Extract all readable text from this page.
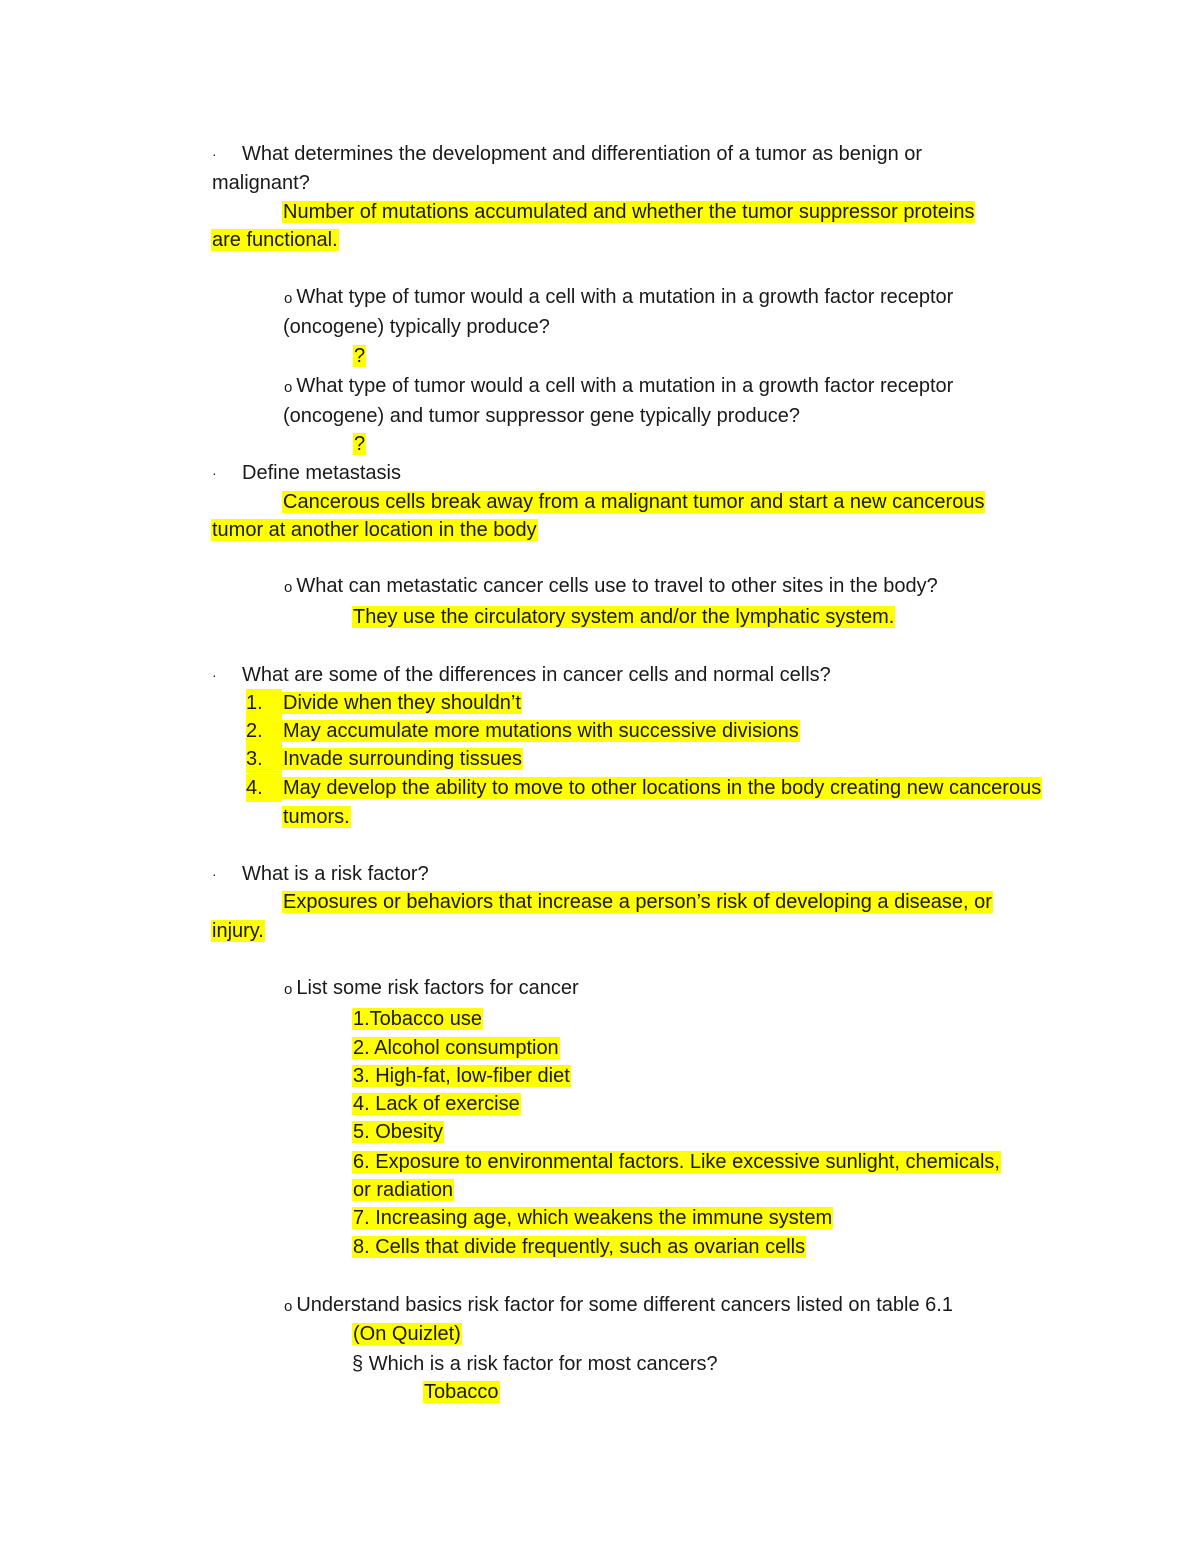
· What determines the development and differentiation of a tumor as benign or
malignant?
Number of mutations accumulated and whether the tumor suppressor proteins
are functional.
o What type of tumor would a cell with a mutation in a growth factor receptor
(oncogene) typically produce?
?
o What type of tumor would a cell with a mutation in a growth factor receptor
(oncogene) and tumor suppressor gene typically produce?
?
· Define metastasis
Cancerous cells break away from a malignant tumor and start a new cancerous
tumor at another location in the body
o What can metastatic cancer cells use to travel to other sites in the body?
They use the circulatory system and/or the lymphatic system.
· What are some of the differences in cancer cells and normal cells?
1. Divide when they shouldn’t
2. May accumulate more mutations with successive divisions
3. Invade surrounding tissues
4. May develop the ability to move to other locations in the body creating new cancerous
tumors.
· What is a risk factor?
Exposures or behaviors that increase a person’s risk of developing a disease, or
injury.
o List some risk factors for cancer
1.Tobacco use
2. Alcohol consumption
3. High-fat, low-fiber diet
4. Lack of exercise
5. Obesity
6. Exposure to environmental factors. Like excessive sunlight, chemicals,
or radiation
7. Increasing age, which weakens the immune system
8. Cells that divide frequently, such as ovarian cells
o Understand basics risk factor for some different cancers listed on table 6.1
(On Quizlet)
§ Which is a risk factor for most cancers?
Tobacco
